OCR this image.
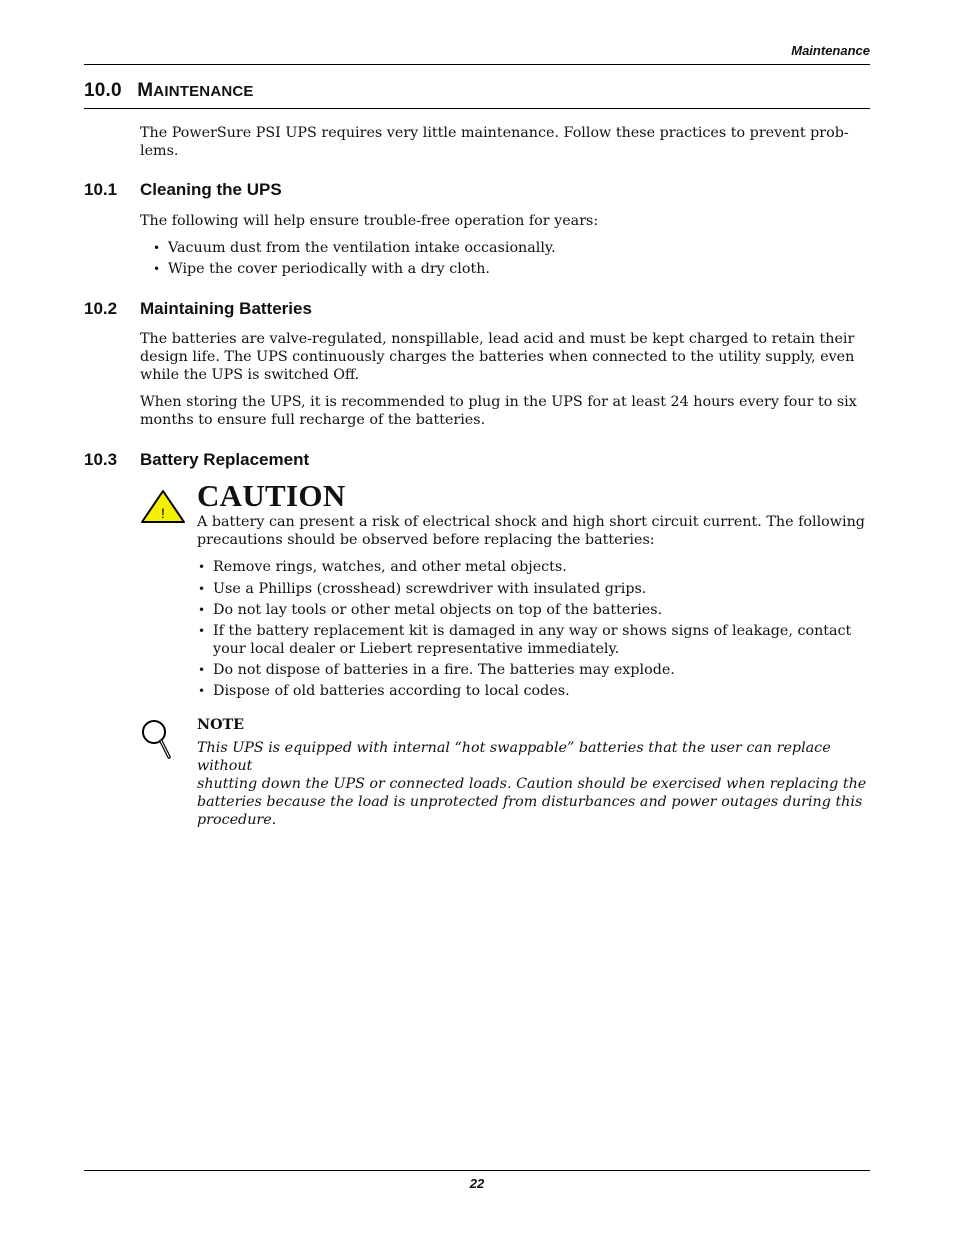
Maintenance
10.0 MAINTENANCE
The PowerSure PSI UPS requires very little maintenance. Follow these practices to prevent prob-
lems.
10.1 Cleaning the UPS
The following will help ensure trouble-free operation for years:
• Vacuum dust from the ventilation intake occasionally.
• Wipe the cover periodically with a dry cloth.
10.2 Maintaining Batteries
The batteries are valve-regulated, nonspillable, lead acid and must be kept charged to retain their
design life. The UPS continuously charges the batteries when connected to the utility supply, even
while the UPS is switched Off.
When storing the UPS, it is recommended to plug in the UPS for at least 24 hours every four to six
months to ensure full recharge of the batteries.
10.3 Battery Replacement
! CAUTION
A battery can present a risk of electrical shock and high short circuit current. The following
precautions should be observed before replacing the batteries:
• Remove rings, watches, and other metal objects.
• Use a Phillips (crosshead) screwdriver with insulated grips.
• Do not lay tools or other metal objects on top of the batteries.
• If the battery replacement kit is damaged in any way or shows signs of leakage, contact
your local dealer or Liebert representative immediately.
• Do not dispose of batteries in a fire. The batteries may explode.
• Dispose of old batteries according to local codes.
NOTE
This UPS is equipped with internal “hot swappable” batteries that the user can replace without
shutting down the UPS or connected loads. Caution should be exercised when replacing the
batteries because the load is unprotected from disturbances and power outages during this
procedure.
22
